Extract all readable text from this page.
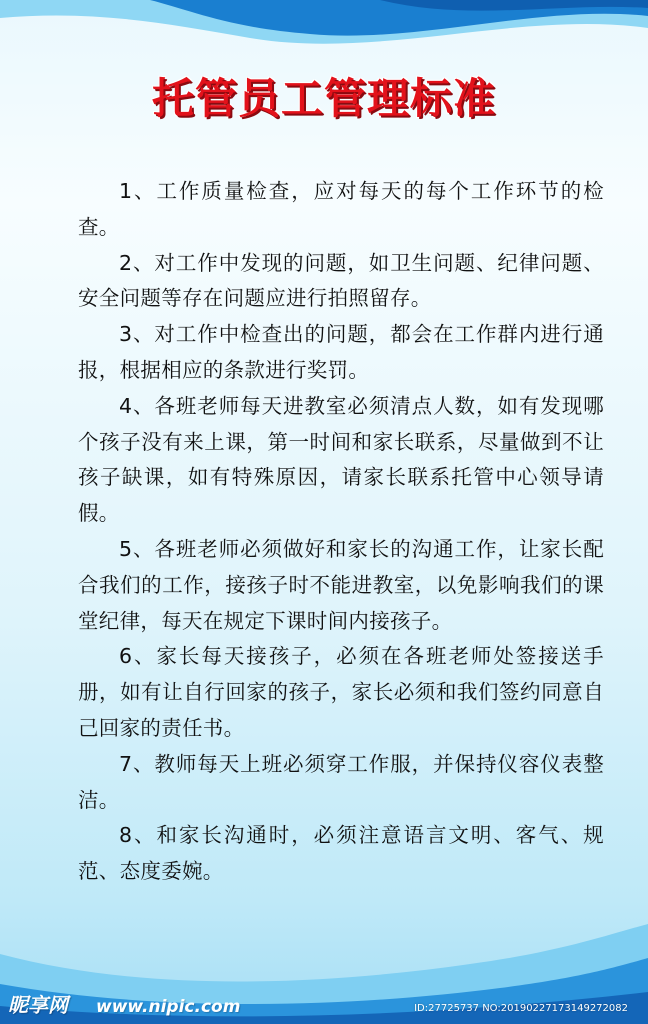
托管员工管理标准

1、工作质量检查，应对每天的每个工作环节的检查。

2、对工作中发现的问题，如卫生问题、纪律问题、安全问题等存在问题应进行拍照留存。

3、对工作中检查出的问题，都会在工作群内进行通报，根据相应的条款进行奖罚。

4、各班老师每天进教室必须清点人数，如有发现哪个孩子没有来上课，第一时间和家长联系，尽量做到不让孩子缺课，如有特殊原因，请家长联系托管中心领导请假。

5、各班老师必须做好和家长的沟通工作，让家长配合我们的工作，接孩子时不能进教室，以免影响我们的课堂纪律，每天在规定下课时间内接孩子。

6、家长每天接孩子，必须在各班老师处签接送手册，如有让自行回家的孩子，家长必须和我们签约同意自己回家的责任书。

7、教师每天上班必须穿工作服，并保持仪容仪表整洁。

8、和家长沟通时，必须注意语言文明、客气、规范、态度委婉。

昵享网 www.nipic.com	ID:27725737 NO:20190227173149272082
